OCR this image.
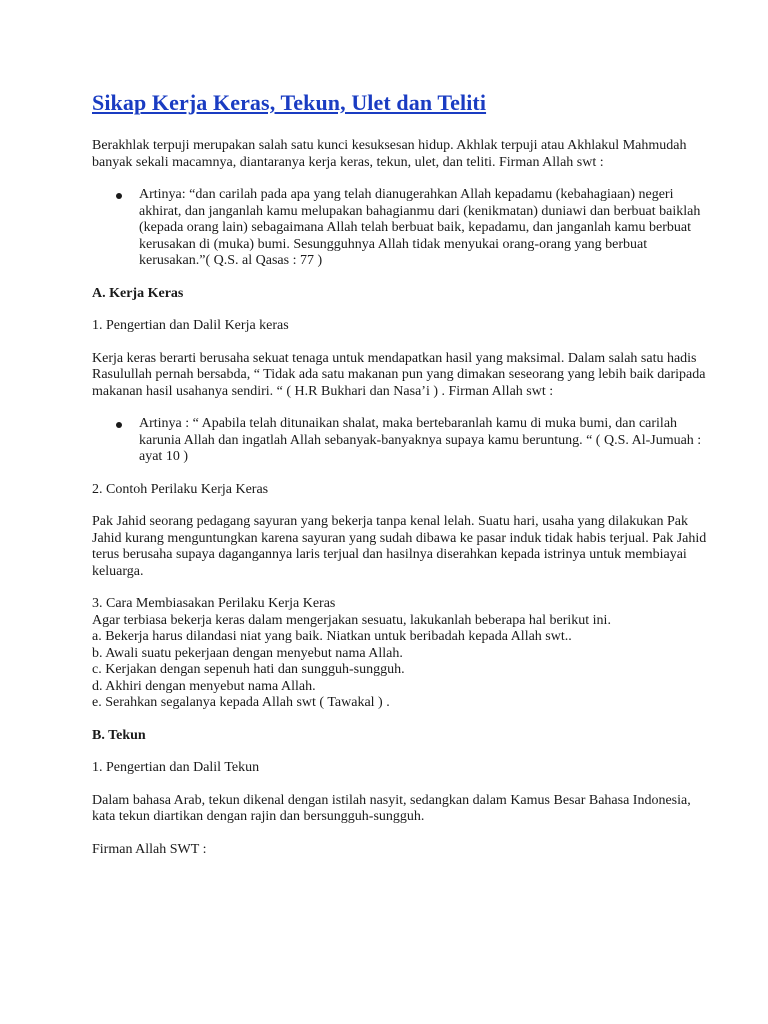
Sikap Kerja Keras, Tekun, Ulet dan Teliti

Berakhlak terpuji merupakan salah satu kunci kesuksesan hidup. Akhlak terpuji atau Akhlakul Mahmudah banyak sekali macamnya, diantaranya kerja keras, tekun, ulet, dan teliti. Firman Allah swt :

Artinya: “dan carilah pada apa yang telah dianugerahkan Allah kepadamu (kebahagiaan) negeri akhirat, dan janganlah kamu melupakan bahagianmu dari (kenikmatan) duniawi dan berbuat baiklah (kepada orang lain) sebagaimana Allah telah berbuat baik, kepadamu, dan janganlah kamu berbuat kerusakan di (muka) bumi. Sesungguhnya Allah tidak menyukai orang-orang yang berbuat kerusakan.”( Q.S. al Qasas : 77 )

A. Kerja Keras

1. Pengertian dan Dalil Kerja keras

Kerja keras berarti berusaha sekuat tenaga untuk mendapatkan hasil yang maksimal. Dalam salah satu hadis Rasulullah pernah bersabda, “ Tidak ada satu makanan pun yang dimakan seseorang yang lebih baik daripada makanan hasil usahanya sendiri. “ ( H.R Bukhari dan Nasa’i ) . Firman Allah swt :

Artinya : “ Apabila telah ditunaikan shalat, maka bertebaranlah kamu di muka bumi, dan carilah karunia Allah dan ingatlah Allah sebanyak-banyaknya supaya kamu beruntung. “ ( Q.S. Al-Jumuah : ayat 10 )

2. Contoh Perilaku Kerja Keras

Pak Jahid seorang pedagang sayuran yang bekerja tanpa kenal lelah. Suatu hari, usaha yang dilakukan Pak Jahid kurang menguntungkan karena sayuran yang sudah dibawa ke pasar induk tidak habis terjual. Pak Jahid terus berusaha supaya dagangannya laris terjual dan hasilnya diserahkan kepada istrinya untuk membiayai keluarga.

3. Cara Membiasakan Perilaku Kerja Keras

Agar terbiasa bekerja keras dalam mengerjakan sesuatu, lakukanlah beberapa hal berikut ini.

a. Bekerja harus dilandasi niat yang baik. Niatkan untuk beribadah kepada Allah swt..

b. Awali suatu pekerjaan dengan menyebut nama Allah.

c. Kerjakan dengan sepenuh hati dan sungguh-sungguh.

d. Akhiri dengan menyebut nama Allah.

e. Serahkan segalanya kepada Allah swt ( Tawakal ) .

B. Tekun

1. Pengertian dan Dalil Tekun

Dalam bahasa Arab, tekun dikenal dengan istilah nasyit, sedangkan dalam Kamus Besar Bahasa Indonesia, kata tekun diartikan dengan rajin dan bersungguh-sungguh.

Firman Allah SWT :
